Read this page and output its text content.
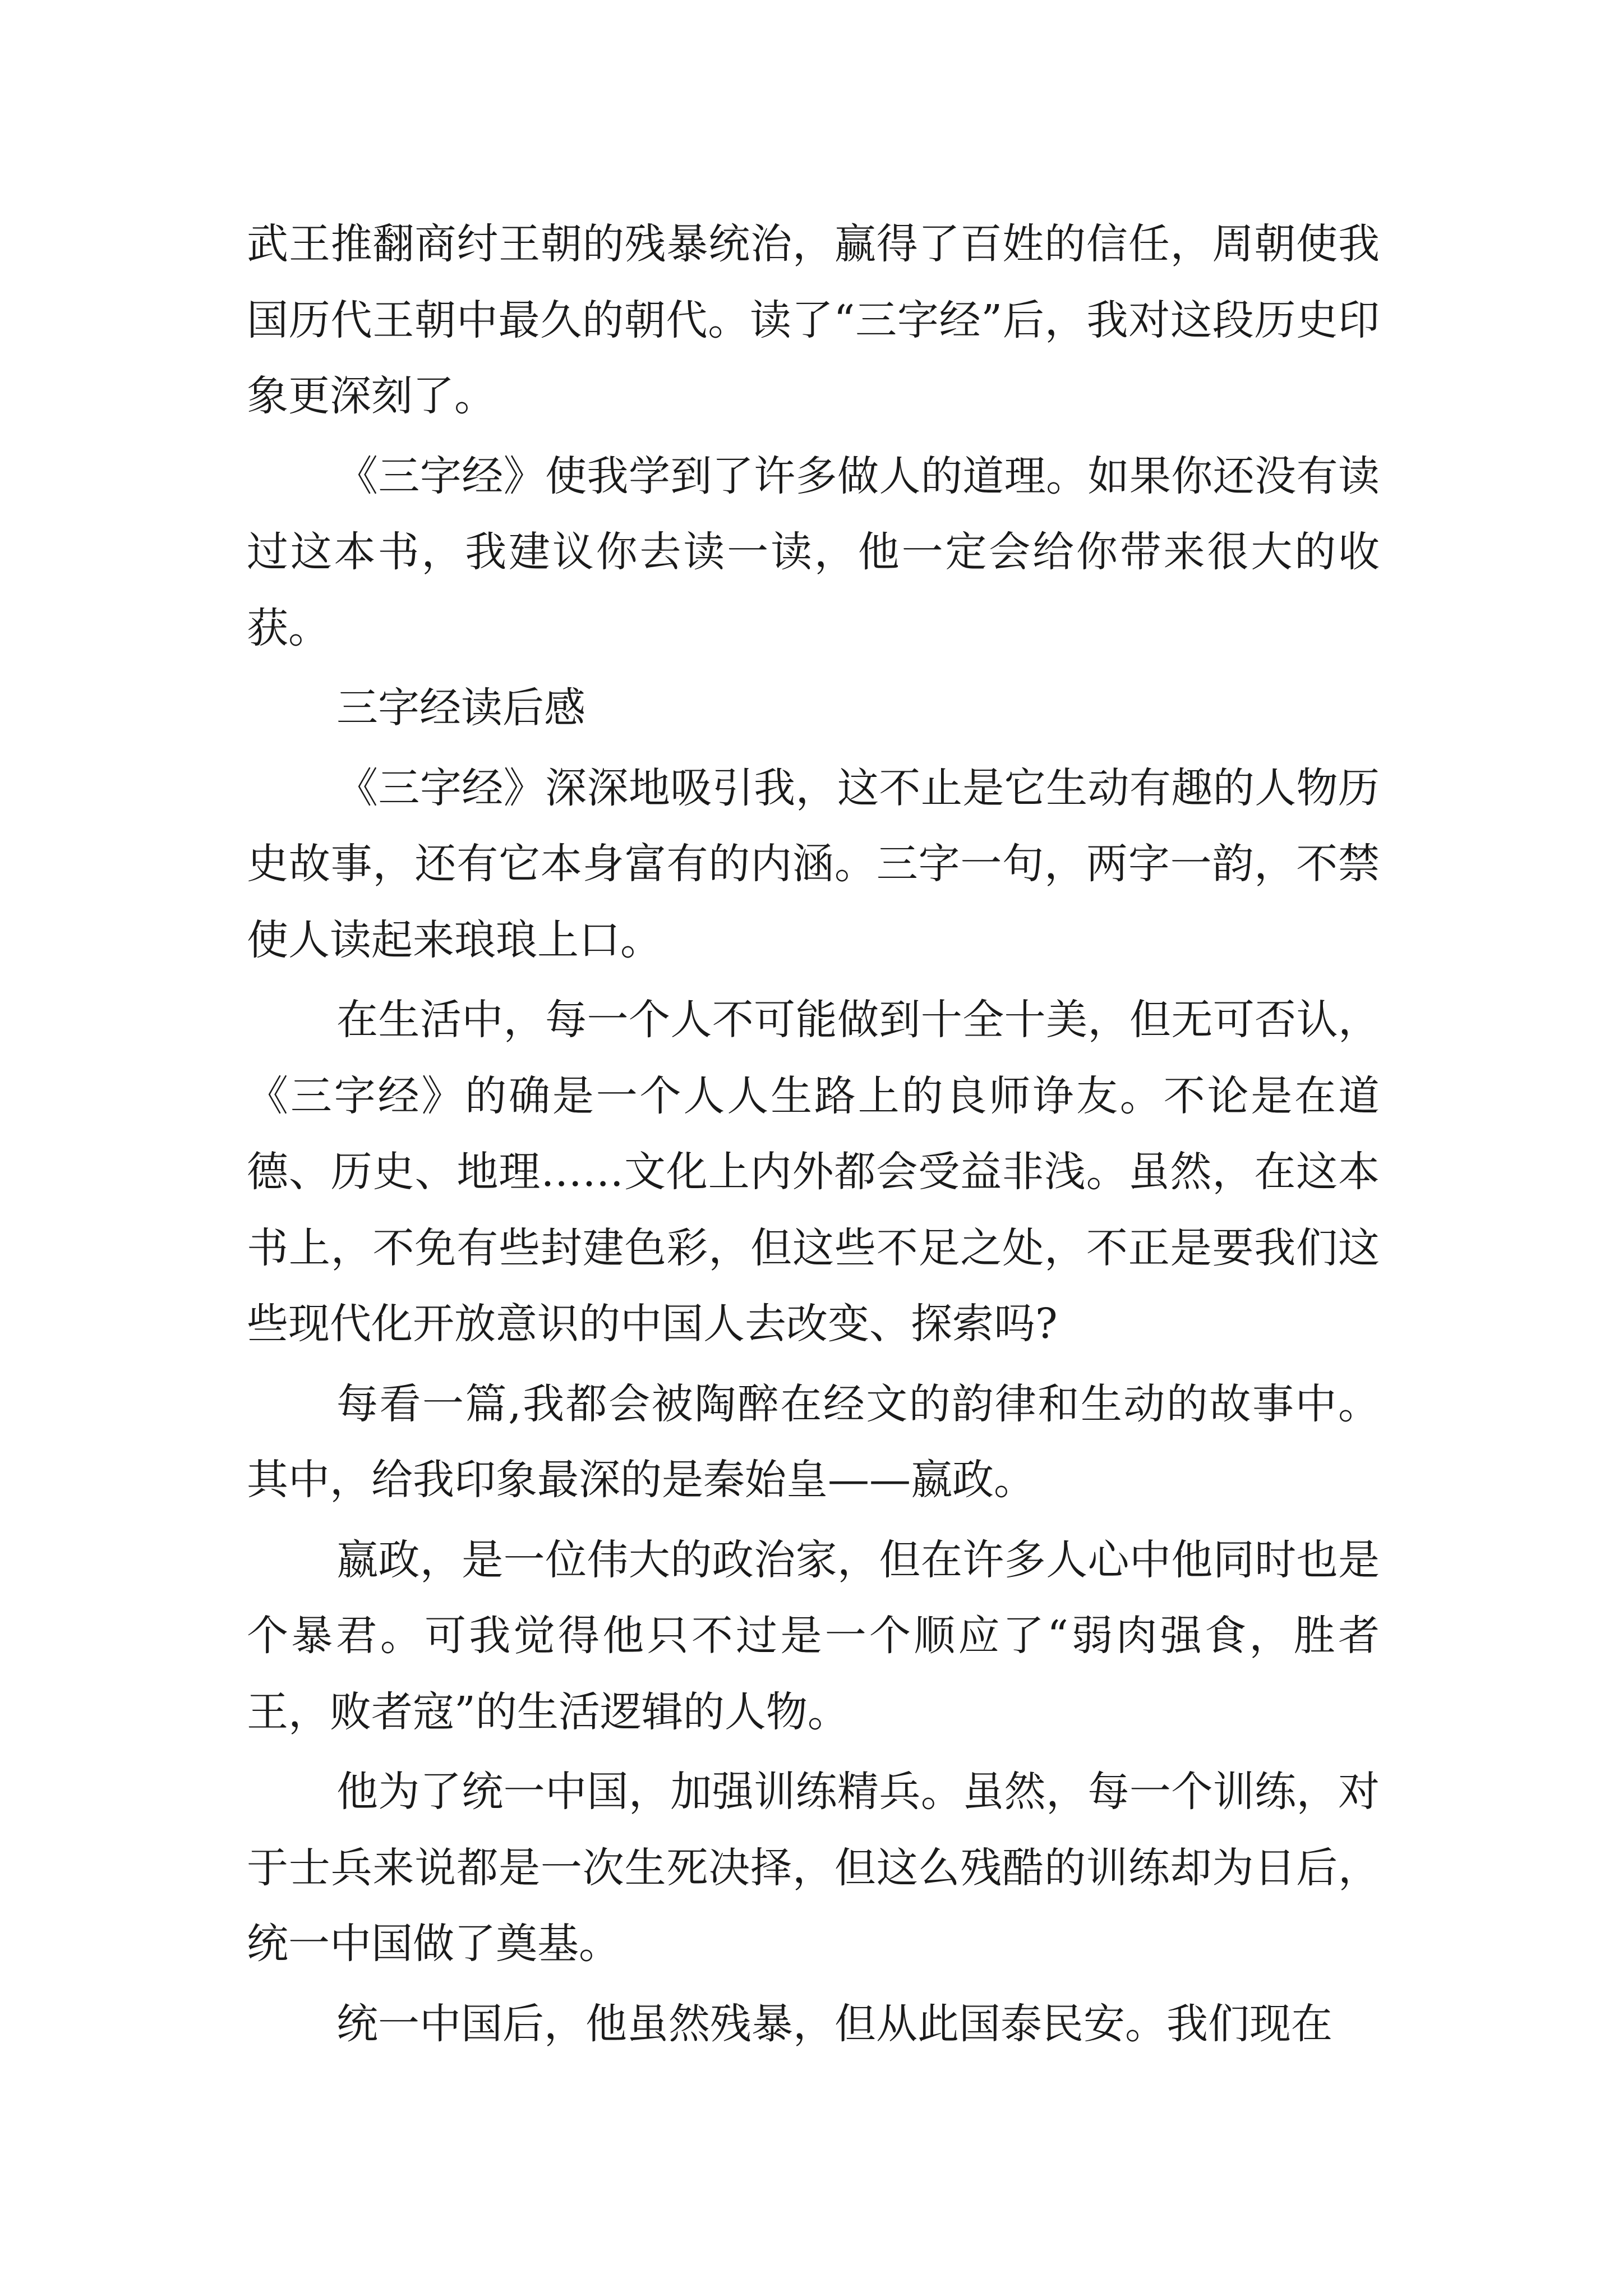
武王推翻商纣王朝的残暴统治，赢得了百姓的信任，周朝使我国历代王朝中最久的朝代。读了“三字经”后，我对这段历史印象更深刻了。

《三字经》使我学到了许多做人的道理。如果你还没有读过这本书，我建议你去读一读，他一定会给你带来很大的收获。

三字经读后感

《三字经》深深地吸引我，这不止是它生动有趣的人物历史故事，还有它本身富有的内涵。三字一句，两字一韵，不禁使人读起来琅琅上口。

在生活中，每一个人不可能做到十全十美，但无可否认，《三字经》的确是一个人人生路上的良师诤友。不论是在道德、历史、地理……文化上内外都会受益非浅。虽然，在这本书上，不免有些封建色彩，但这些不足之处，不正是要我们这些现代化开放意识的中国人去改变、探索吗?

每看一篇,我都会被陶醉在经文的韵律和生动的故事中。其中，给我印象最深的是秦始皇——嬴政。

嬴政，是一位伟大的政治家，但在许多人心中他同时也是个暴君。可我觉得他只不过是一个顺应了“弱肉强食，胜者王，败者寇”的生活逻辑的人物。

他为了统一中国，加强训练精兵。虽然，每一个训练，对于士兵来说都是一次生死决择，但这么残酷的训练却为日后，统一中国做了奠基。

统一中国后，他虽然残暴，但从此国泰民安。我们现在
